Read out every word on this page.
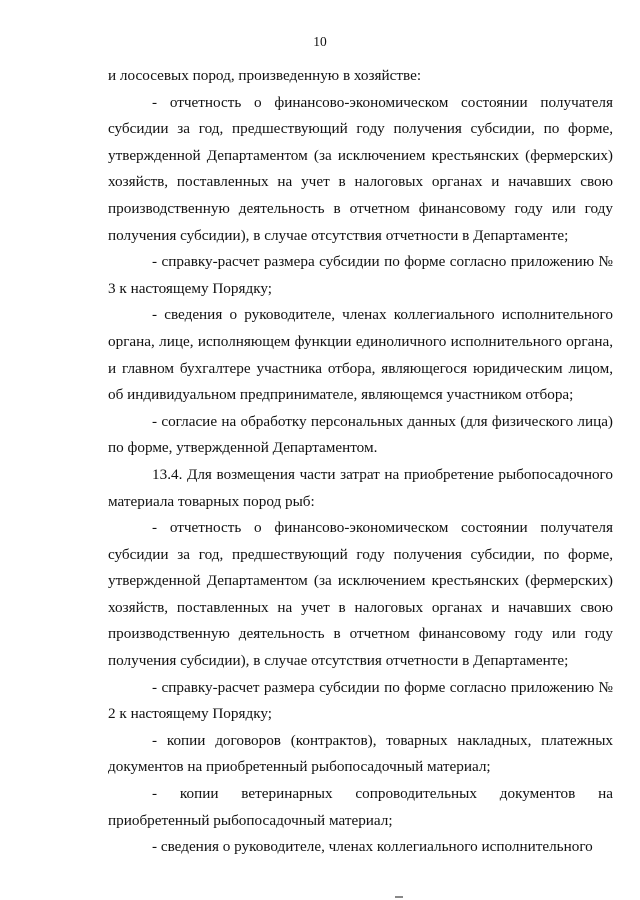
10

и лососевых пород, произведенную в хозяйстве:

- отчетность о финансово-экономическом состоянии получателя субсидии за год, предшествующий году получения субсидии, по форме, утвержденной Департаментом (за исключением крестьянских (фермерских) хозяйств, поставленных на учет в налоговых органах и начавших свою производственную деятельность в отчетном финансовому году или году получения субсидии), в случае отсутствия отчетности в Департаменте;

- справку-расчет размера субсидии по форме согласно приложению № 3 к настоящему Порядку;

- сведения о руководителе, членах коллегиального исполнительного органа, лице, исполняющем функции единоличного исполнительного органа, и главном бухгалтере участника отбора, являющегося юридическим лицом, об индивидуальном предпринимателе, являющемся участником отбора;

- согласие на обработку персональных данных (для физического лица) по форме, утвержденной Департаментом.

13.4. Для возмещения части затрат на приобретение рыбопосадочного материала товарных пород рыб:

- отчетность о финансово-экономическом состоянии получателя субсидии за год, предшествующий году получения субсидии, по форме, утвержденной Департаментом (за исключением крестьянских (фермерских) хозяйств, поставленных на учет в налоговых органах и начавших свою производственную деятельность в отчетном финансовому году или году получения субсидии), в случае отсутствия отчетности в Департаменте;

- справку-расчет размера субсидии по форме согласно приложению № 2 к настоящему Порядку;

- копии договоров (контрактов), товарных накладных, платежных документов на приобретенный рыбопосадочный материал;

- копии ветеринарных сопроводительных документов на приобретенный рыбопосадочный материал;

- сведения о руководителе, членах коллегиального исполнительного
